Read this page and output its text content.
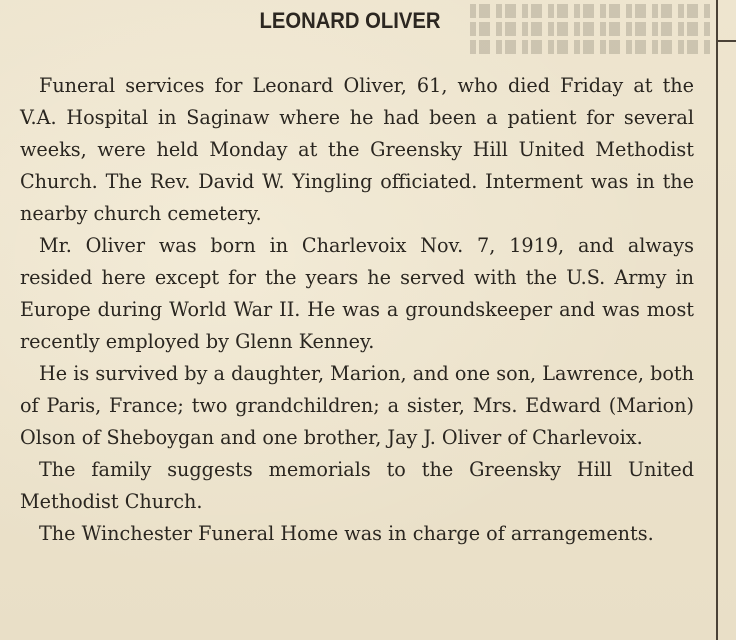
LEONARD OLIVER

Funeral services for Leonard Oliver, 61, who died Friday at the V.A. Hospital in Saginaw where he had been a patient for several weeks, were held Monday at the Greensky Hill United Methodist Church. The Rev. David W. Yingling officiated. Interment was in the nearby church cemetery.

Mr. Oliver was born in Charlevoix Nov. 7, 1919, and always resided here except for the years he served with the U.S. Army in Europe during World War II. He was a groundskeeper and was most recently employed by Glenn Kenney.

He is survived by a daughter, Marion, and one son, Lawrence, both of Paris, France; two grandchildren; a sister, Mrs. Edward (Marion) Olson of Sheboygan and one brother, Jay J. Oliver of Charlevoix.

The family suggests memorials to the Greensky Hill United Methodist Church.

The Winchester Funeral Home was in charge of arrangements.
